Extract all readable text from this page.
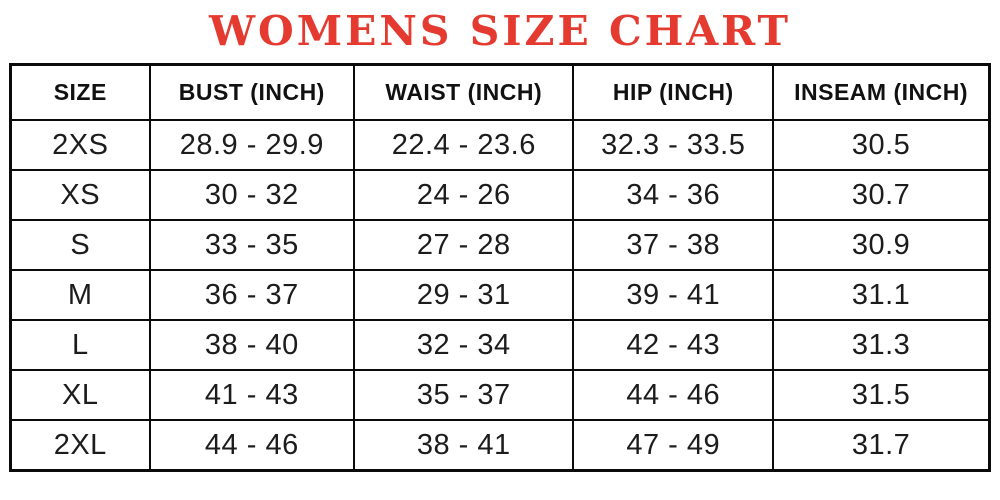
WOMENS SIZE CHART
SIZE	BUST (INCH)	WAIST (INCH)	HIP (INCH)	INSEAM (INCH)
2XS	28.9 - 29.9	22.4 - 23.6	32.3 - 33.5	30.5
XS	30 - 32	24 - 26	34 - 36	30.7
S	33 - 35	27 - 28	37 - 38	30.9
M	36 - 37	29 - 31	39 - 41	31.1
L	38 - 40	32 - 34	42 - 43	31.3
XL	41 - 43	35 - 37	44 - 46	31.5
2XL	44 - 46	38 - 41	47 - 49	31.7
